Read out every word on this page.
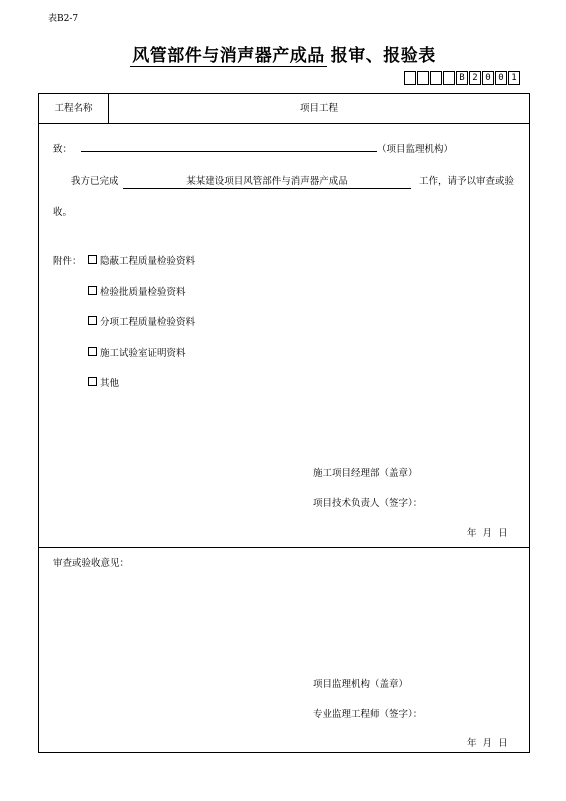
表B2-7
风管部件与消声器产成品 报审、报验表
B 2 0 0 1
工程名称	项目工程
致：	（项目监理机构）
我方已完成	某某建设项目风管部件与消声器产成品	工作，请予以审查或验
收。
附件：	隐蔽工程质量检验资料
检验批质量检验资料
分项工程质量检验资料
施工试验室证明资料
其他
施工项目经理部（盖章）
项目技术负责人（签字）：
年  月  日
审查或验收意见：
项目监理机构（盖章）
专业监理工程师（签字）：
年  月  日
